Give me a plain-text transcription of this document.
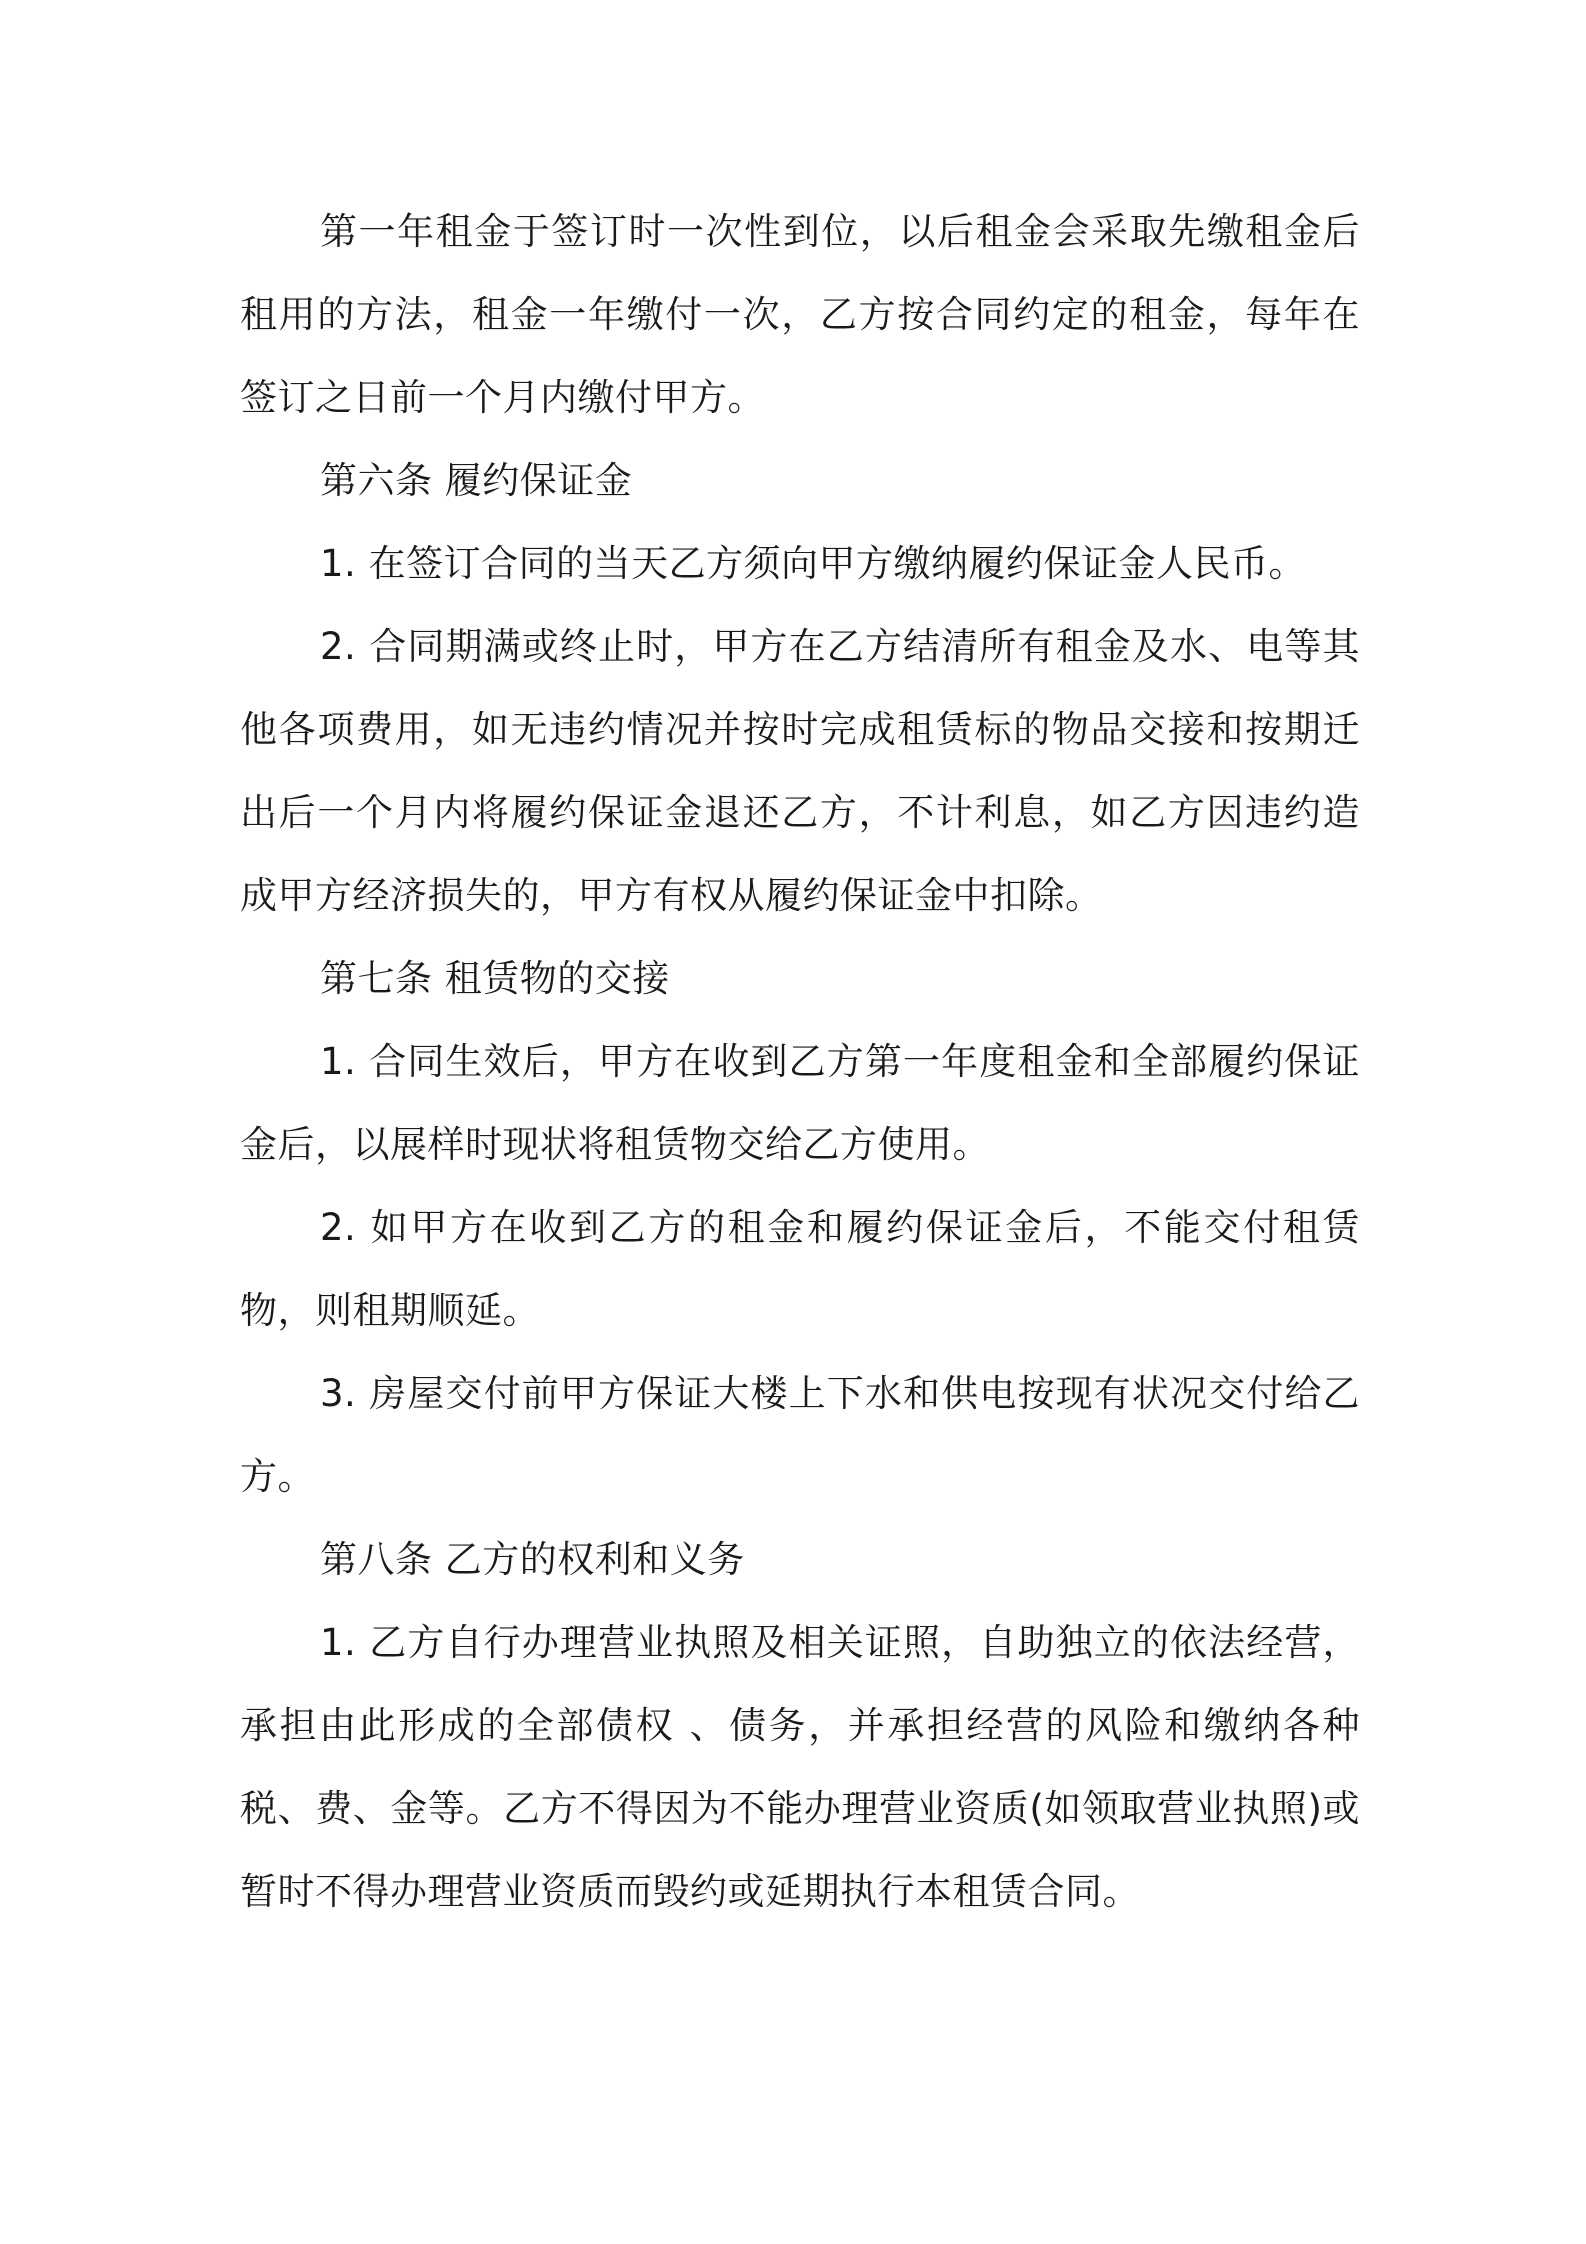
第一年租金于签订时一次性到位，以后租金会采取先缴租金后租用的方法，租金一年缴付一次，乙方按合同约定的租金，每年在签订之日前一个月内缴付甲方。

第六条 履约保证金

1. 在签订合同的当天乙方须向甲方缴纳履约保证金人民币。

2. 合同期满或终止时，甲方在乙方结清所有租金及水、电等其他各项费用，如无违约情况并按时完成租赁标的物品交接和按期迁出后一个月内将履约保证金退还乙方，不计利息，如乙方因违约造成甲方经济损失的，甲方有权从履约保证金中扣除。

第七条 租赁物的交接

1. 合同生效后，甲方在收到乙方第一年度租金和全部履约保证金后，以展样时现状将租赁物交给乙方使用。

2. 如甲方在收到乙方的租金和履约保证金后，不能交付租赁物，则租期顺延。

3. 房屋交付前甲方保证大楼上下水和供电按现有状况交付给乙方。

第八条 乙方的权利和义务

1. 乙方自行办理营业执照及相关证照，自助独立的依法经营，承担由此形成的全部债权 、债务，并承担经营的风险和缴纳各种税、费、金等。乙方不得因为不能办理营业资质(如领取营业执照)或暂时不得办理营业资质而毁约或延期执行本租赁合同。
